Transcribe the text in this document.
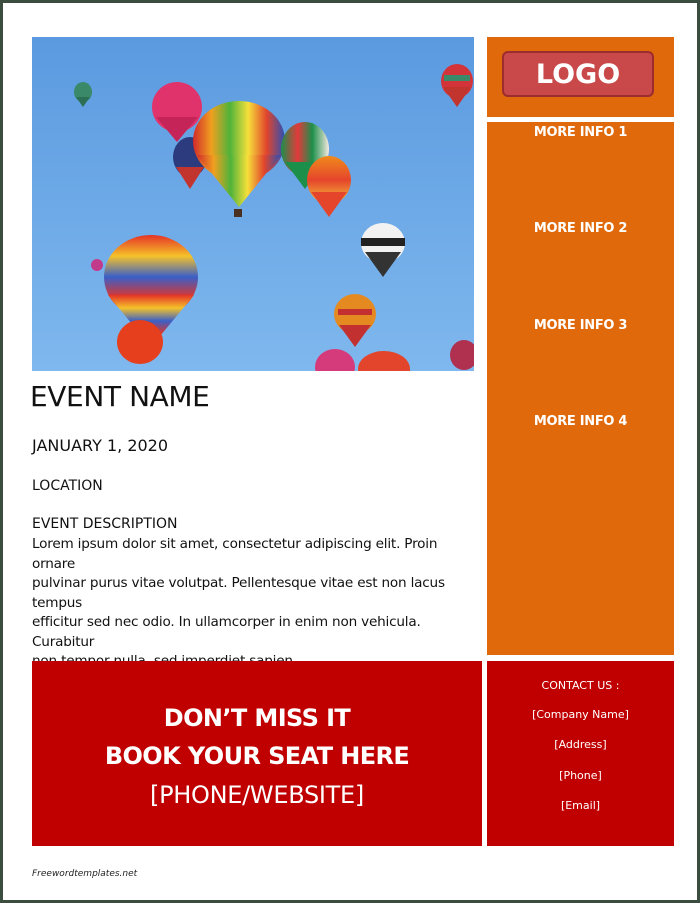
LOGO
MORE INFO 1
MORE INFO 2
MORE INFO 3
MORE INFO 4
EVENT NAME
JANUARY 1, 2020
LOCATION
EVENT DESCRIPTION
Lorem ipsum dolor sit amet, consectetur adipiscing elit. Proin ornare
pulvinar purus vitae volutpat. Pellentesque vitae est non lacus tempus
efficitur sed nec odio. In ullamcorper in enim non vehicula. Curabitur

DON’T MISS IT
BOOK YOUR SEAT HERE
[PHONE/WEBSITE]
CONTACT US :
[Company Name]
[Address]
[Phone]
[Email]
Freewordtemplates.net
